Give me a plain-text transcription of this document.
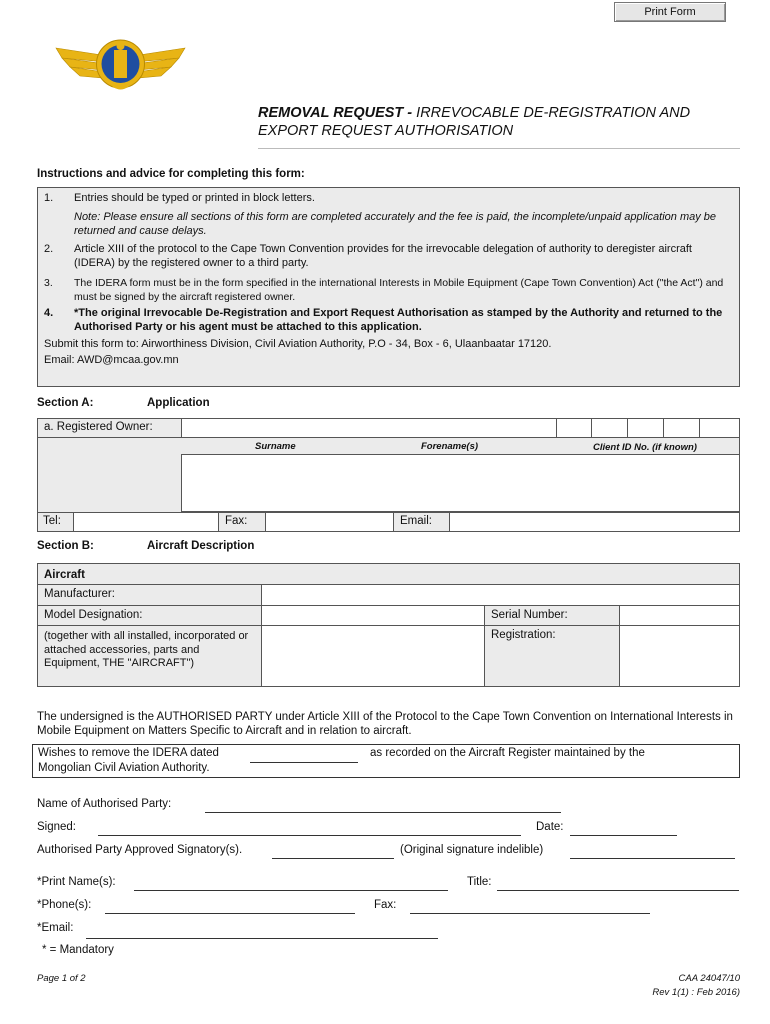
Print Form
REMOVAL REQUEST - IRREVOCABLE DE-REGISTRATION AND
EXPORT REQUEST AUTHORISATION
Instructions and advice for completing this form:
1. Entries should be typed or printed in block letters.
Note: Please ensure all sections of this form are completed accurately and the fee is paid, the incomplete/unpaid application may be returned and cause delays.
2. Article XIII of the protocol to the Cape Town Convention provides for the irrevocable delegation of authority to deregister aircraft (IDERA) by the registered owner to a third party.
3. The IDERA form must be in the form specified in the international Interests in Mobile Equipment (Cape Town Convention) Act ("the Act") and must be signed by the aircraft registered owner.
4. *The original Irrevocable De-Registration and Export Request Authorisation as stamped by the Authority and returned to the Authorised Party or his agent must be attached to this application.
Submit this form to: Airworthiness Division, Civil Aviation Authority, P.O - 34, Box - 6, Ulaanbaatar 17120.
Email: AWD@mcaa.gov.mn
Section A:	Application
a. Registered Owner:
Surname	Forename(s)	Client ID No. (if known)
Tel:	Fax:	Email:
Section B:	Aircraft Description
Aircraft
Manufacturer:
Model Designation:	Serial Number:
(together with all installed, incorporated or attached accessories, parts and Equipment, THE "AIRCRAFT")
Registration:
The undersigned is the AUTHORISED PARTY under Article XIII of the Protocol to the Cape Town Convention on International Interests in Mobile Equipment on Matters Specific to Aircraft and in relation to aircraft.
Wishes to remove the IDERA dated	as recorded on the Aircraft Register maintained by the
Mongolian Civil Aviation Authority.
Name of Authorised Party:
Signed:	Date:
Authorised Party Approved Signatory(s).	(Original signature indelible)
*Print Name(s):	Title:
*Phone(s):	Fax:
*Email:
* = Mandatory
Page 1 of 2	CAA 24047/10
Rev 1(1) : Feb 2016)
